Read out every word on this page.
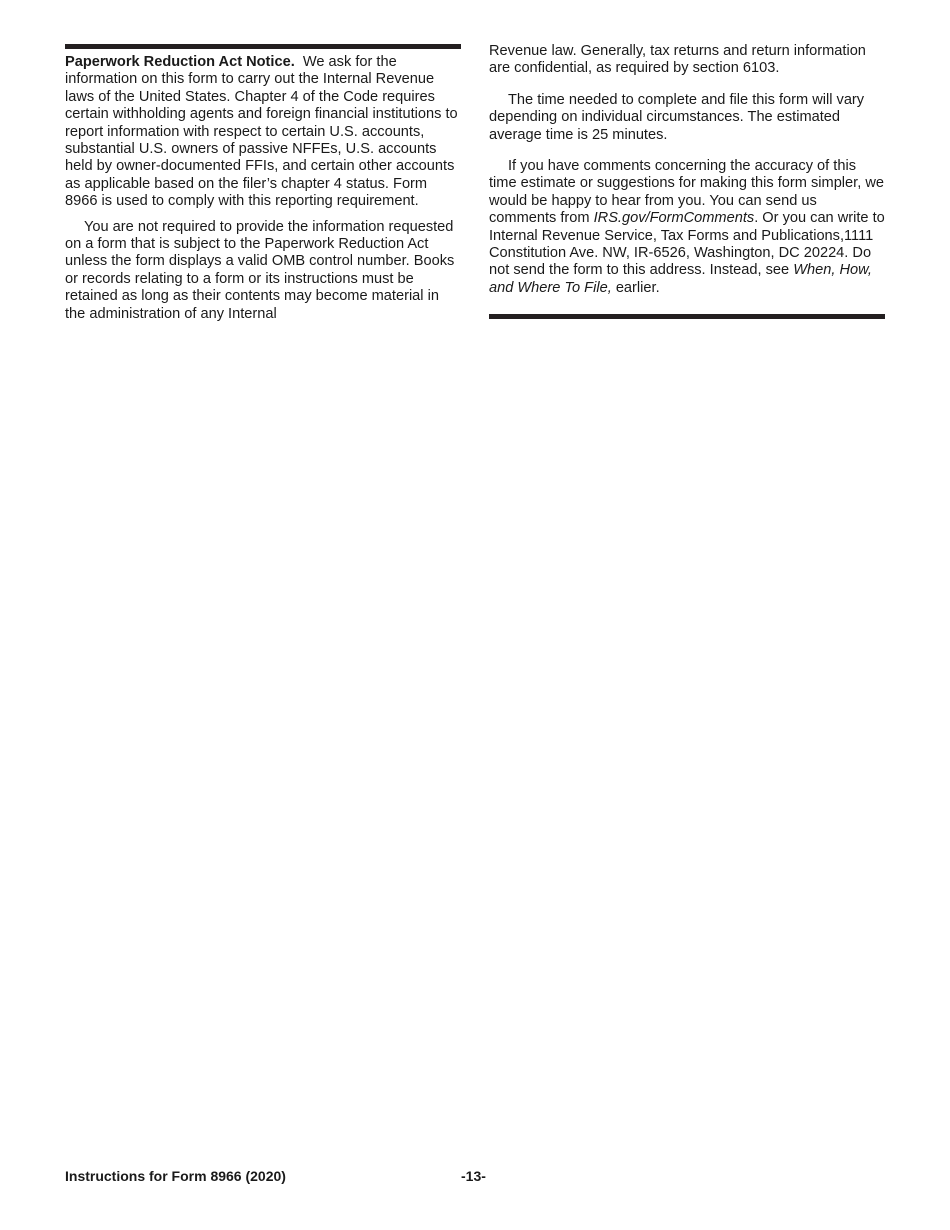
Paperwork Reduction Act Notice. We ask for the information on this form to carry out the Internal Revenue laws of the United States. Chapter 4 of the Code requires certain withholding agents and foreign financial institutions to report information with respect to certain U.S. accounts, substantial U.S. owners of passive NFFEs, U.S. accounts held by owner-documented FFIs, and certain other accounts as applicable based on the filer’s chapter 4 status. Form 8966 is used to comply with this reporting requirement.

You are not required to provide the information requested on a form that is subject to the Paperwork Reduction Act unless the form displays a valid OMB control number. Books or records relating to a form or its instructions must be retained as long as their contents may become material in the administration of any Internal

Revenue law. Generally, tax returns and return information are confidential, as required by section 6103.

The time needed to complete and file this form will vary depending on individual circumstances. The estimated average time is 25 minutes.

If you have comments concerning the accuracy of this time estimate or suggestions for making this form simpler, we would be happy to hear from you. You can send us comments from IRS.gov/FormComments. Or you can write to Internal Revenue Service, Tax Forms and Publications,1111 Constitution Ave. NW, IR-6526, Washington, DC 20224. Do not send the form to this address. Instead, see When, How, and Where To File, earlier.

Instructions for Form 8966 (2020)	-13-
